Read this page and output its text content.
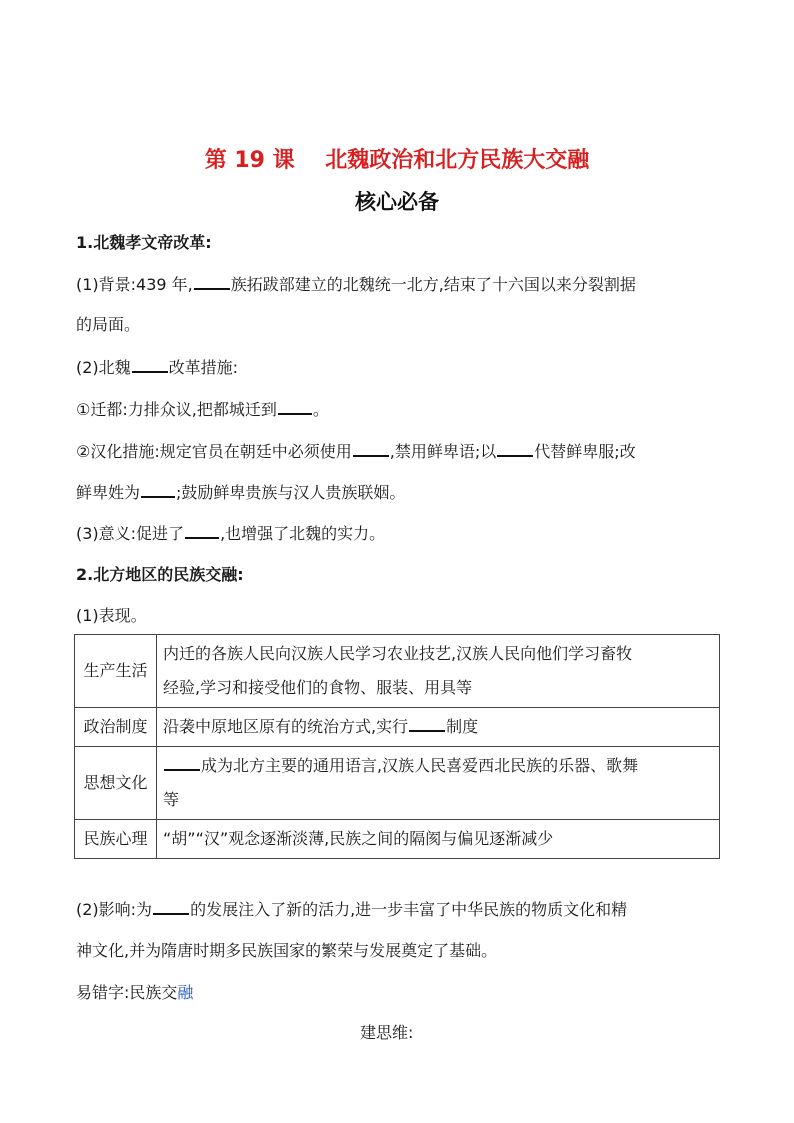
第 19 课    北魏政治和北方民族大交融
核心必备
1.北魏孝文帝改革:
(1)背景:439 年, 族拓跋部建立的北魏统一北方,结束了十六国以来分裂割据
的局面。
(2)北魏 改革措施:
①迁都:力排众议,把都城迁到 。
②汉化措施:规定官员在朝廷中必须使用 ,禁用鲜卑语;以 代替鲜卑服;改
鲜卑姓为 ;鼓励鲜卑贵族与汉人贵族联姻。
(3)意义:促进了 ,也增强了北魏的实力。
2.北方地区的民族交融:
(1)表现。
生产生活	内迁的各族人民向汉族人民学习农业技艺,汉族人民向他们学习畜牧
经验,学习和接受他们的食物、服装、用具等

政治制度	沿袭中原地区原有的统治方式,实行 制度
思想文化	成为北方主要的通用语言,汉族人民喜爱西北民族的乐器、歌舞
等

民族心理	“胡”“汉”观念逐渐淡薄,民族之间的隔阂与偏见逐渐减少
(2)影响:为 的发展注入了新的活力,进一步丰富了中华民族的物质文化和精
神文化,并为隋唐时期多民族国家的繁荣与发展奠定了基础。
易错字:民族交融
建思维:
